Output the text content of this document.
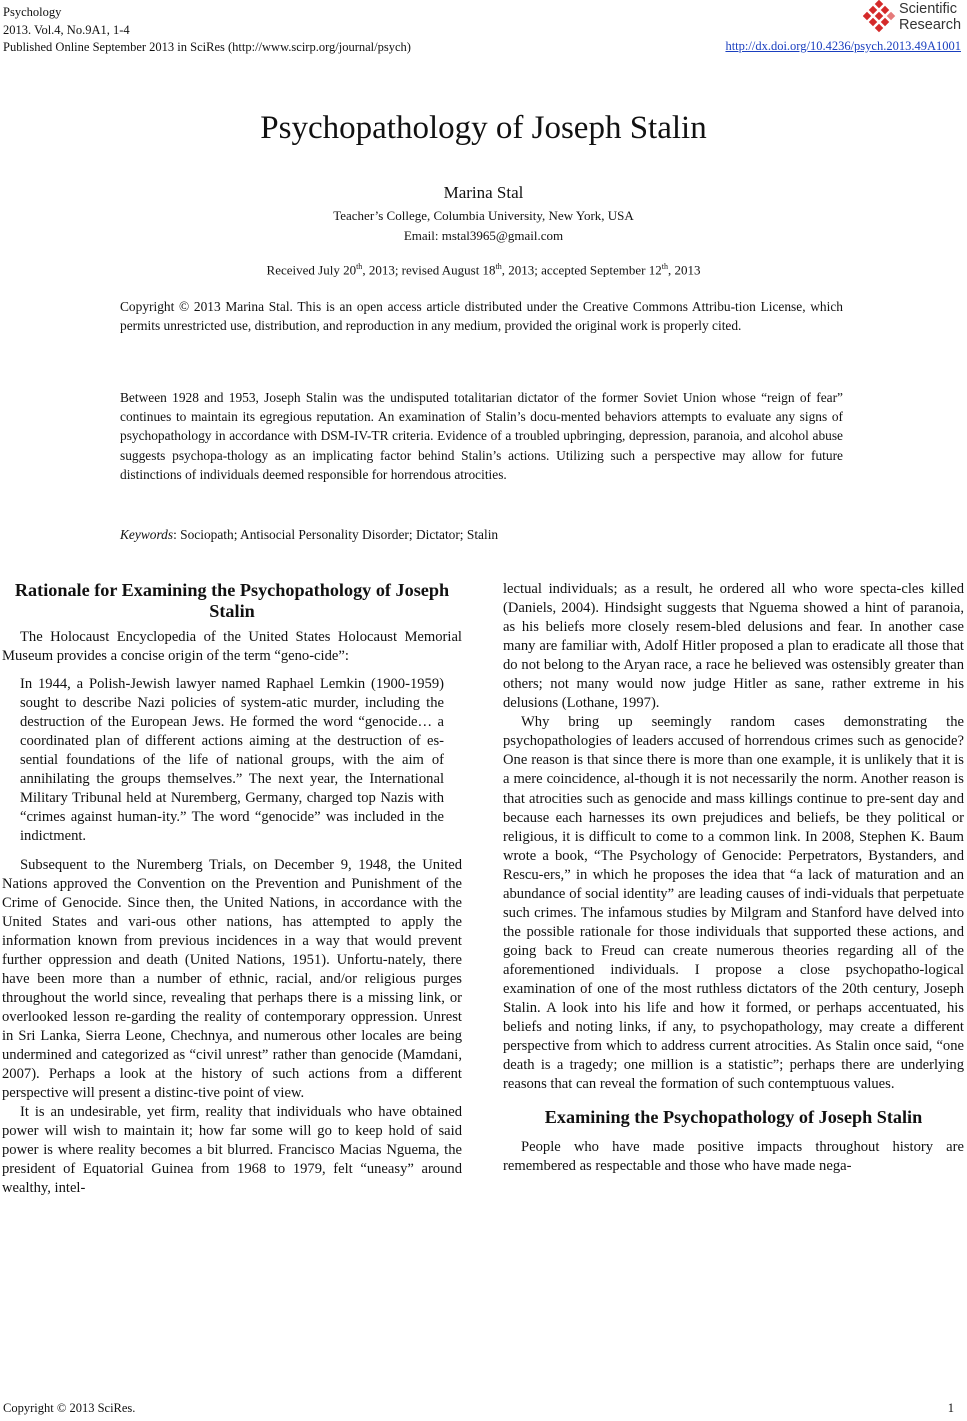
Psychology
2013. Vol.4, No.9A1, 1-4
Published Online September 2013 in SciRes (http://www.scirp.org/journal/psych)
Scientific
Research
http://dx.doi.org/10.4236/psych.2013.49A1001
Psychopathology of Joseph Stalin
Marina Stal
Teacher’s College, Columbia University, New York, USA
Email: mstal3965@gmail.com
Received July 20th, 2013; revised August 18th, 2013; accepted September 12th, 2013
Copyright © 2013 Marina Stal. This is an open access article distributed under the Creative Commons Attribu-tion License, which permits unrestricted use, distribution, and reproduction in any medium, provided the original work is properly cited.
Between 1928 and 1953, Joseph Stalin was the undisputed totalitarian dictator of the former Soviet Union whose “reign of fear” continues to maintain its egregious reputation. An examination of Stalin’s docu-mented behaviors attempts to evaluate any signs of psychopathology in accordance with DSM-IV-TR criteria. Evidence of a troubled upbringing, depression, paranoia, and alcohol abuse suggests psychopa-thology as an implicating factor behind Stalin’s actions. Utilizing such a perspective may allow for future distinctions of individuals deemed responsible for horrendous atrocities.
Keywords: Sociopath; Antisocial Personality Disorder; Dictator; Stalin
Rationale for Examining the Psychopathology of Joseph Stalin

The Holocaust Encyclopedia of the United States Holocaust Memorial Museum provides a concise origin of the term “geno-cide”:

In 1944, a Polish-Jewish lawyer named Raphael Lemkin (1900-1959) sought to describe Nazi policies of system-atic murder, including the destruction of the European Jews. He formed the word “genocide… a coordinated plan of different actions aiming at the destruction of es-sential foundations of the life of national groups, with the aim of annihilating the groups themselves.” The next year, the International Military Tribunal held at Nuremberg, Germany, charged top Nazis with “crimes against human-ity.” The word “genocide” was included in the indictment.

Subsequent to the Nuremberg Trials, on December 9, 1948, the United Nations approved the Convention on the Prevention and Punishment of the Crime of Genocide. Since then, the United Nations, in accordance with the United States and vari-ous other nations, has attempted to apply the information known from previous incidences in a way that would prevent further oppression and death (United Nations, 1951). Unfortu-nately, there have been more than a number of ethnic, racial, and/or religious purges throughout the world since, revealing that perhaps there is a missing link, or overlooked lesson re-garding the reality of contemporary oppression. Unrest in Sri Lanka, Sierra Leone, Chechnya, and numerous other locales are being undermined and categorized as “civil unrest” rather than genocide (Mamdani, 2007). Perhaps a look at the history of such actions from a different perspective will present a distinc-tive point of view.

It is an undesirable, yet firm, reality that individuals who have obtained power will wish to maintain it; how far some will go to keep hold of said power is where reality becomes a bit blurred. Francisco Macias Nguema, the president of Equatorial Guinea from 1968 to 1979, felt “uneasy” around wealthy, intel-

lectual individuals; as a result, he ordered all who wore specta-cles killed (Daniels, 2004). Hindsight suggests that Nguema showed a hint of paranoia, as his beliefs more closely resem-bled delusions and fear. In another case many are familiar with, Adolf Hitler proposed a plan to eradicate all those that do not belong to the Aryan race, a race he believed was ostensibly greater than others; not many would now judge Hitler as sane, rather extreme in his delusions (Lothane, 1997).

Why bring up seemingly random cases demonstrating the psychopathologies of leaders accused of horrendous crimes such as genocide? One reason is that since there is more than one example, it is unlikely that it is a mere coincidence, al-though it is not necessarily the norm. Another reason is that atrocities such as genocide and mass killings continue to pre-sent day and because each harnesses its own prejudices and beliefs, be they political or religious, it is difficult to come to a common link. In 2008, Stephen K. Baum wrote a book, “The Psychology of Genocide: Perpetrators, Bystanders, and Rescu-ers,” in which he proposes the idea that “a lack of maturation and an abundance of social identity” are leading causes of indi-viduals that perpetuate such crimes. The infamous studies by Milgram and Stanford have delved into the possible rationale for those individuals that supported these actions, and going back to Freud can create numerous theories regarding all of the aforementioned individuals. I propose a close psychopatho-logical examination of one of the most ruthless dictators of the 20th century, Joseph Stalin. A look into his life and how it formed, or perhaps accentuated, his beliefs and noting links, if any, to psychopathology, may create a different perspective from which to address current atrocities. As Stalin once said, “one death is a tragedy; one million is a statistic”; perhaps there are underlying reasons that can reveal the formation of such contemptuous values.

Examining the Psychopathology of Joseph Stalin

People who have made positive impacts throughout history are remembered as respectable and those who have made nega-

Copyright © 2013 SciRes.	1
